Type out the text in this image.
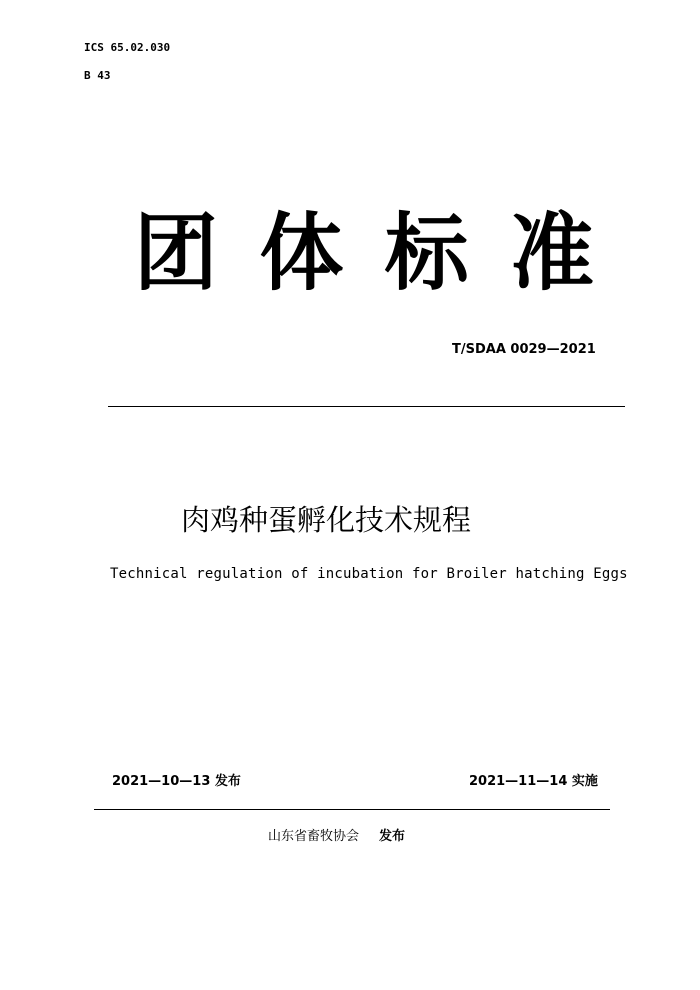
ICS 65.02.030
B 43
团 体 标 准
T/SDAA 0029—2021
肉鸡种蛋孵化技术规程
Technical regulation of incubation for Broiler hatching Eggs
2021—10—13 发布	2021—11—14 实施
山东省畜牧协会 发布
